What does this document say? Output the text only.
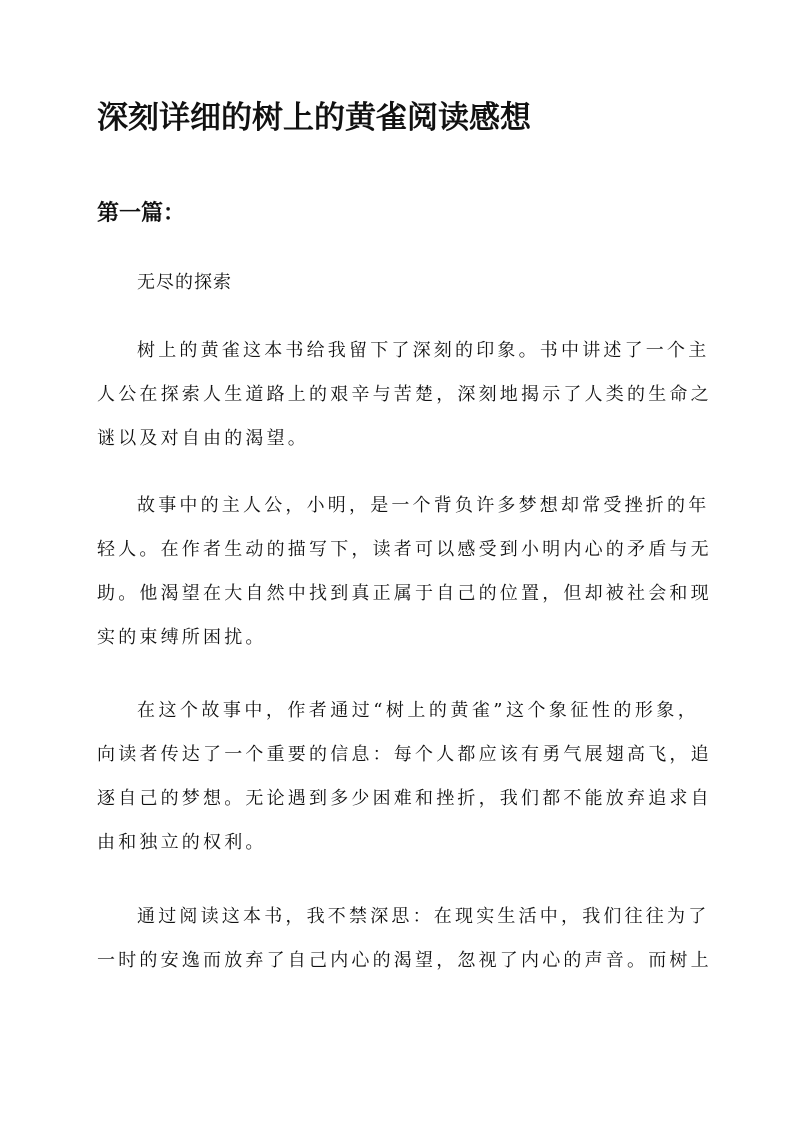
深刻详细的树上的黄雀阅读感想
第一篇：

无尽的探索

树上的黄雀这本书给我留下了深刻的印象。书中讲述了一个主
人公在探索人生道路上的艰辛与苦楚，深刻地揭示了人类的生命之
谜以及对自由的渴望。

故事中的主人公，小明，是一个背负许多梦想却常受挫折的年
轻人。在作者生动的描写下，读者可以感受到小明内心的矛盾与无
助。他渴望在大自然中找到真正属于自己的位置，但却被社会和现
实的束缚所困扰。

在这个故事中，作者通过“树上的黄雀”这个象征性的形象，
向读者传达了一个重要的信息：每个人都应该有勇气展翅高飞，追
逐自己的梦想。无论遇到多少困难和挫折，我们都不能放弃追求自
由和独立的权利。

通过阅读这本书，我不禁深思：在现实生活中，我们往往为了
一时的安逸而放弃了自己内心的渴望，忽视了内心的声音。而树上
